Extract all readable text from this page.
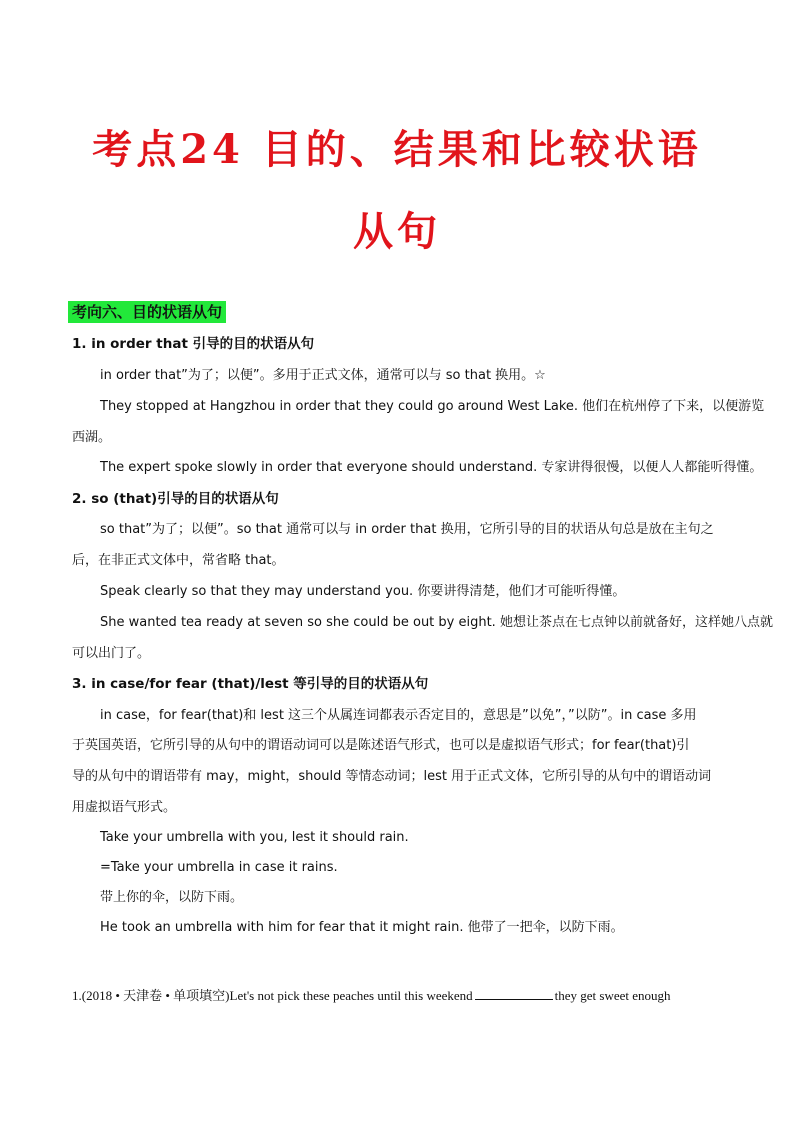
考点24 目的、结果和比较状语
从句
考向六、目的状语从句
1. in order that 引导的目的状语从句
in order that”为了；以便”。多用于正式文体，通常可以与 so that 换用。☆
They stopped at Hangzhou in order that they could go around West Lake. 他们在杭州停了下来，以便游览
西湖。
The expert spoke slowly in order that everyone should understand. 专家讲得很慢，以便人人都能听得懂。
2. so (that)引导的目的状语从句
so that”为了；以便”。so that 通常可以与 in order that 换用，它所引导的目的状语从句总是放在主句之
后，在非正式文体中，常省略 that。
Speak clearly so that they may understand you. 你要讲得清楚，他们才可能听得懂。
She wanted tea ready at seven so she could be out by eight. 她想让茶点在七点钟以前就备好，这样她八点就
可以出门了。
3. in case/for fear (that)/lest 等引导的目的状语从句
in case，for fear(that)和 lest 这三个从属连词都表示否定目的，意思是”以免”，”以防”。in case 多用
于英国英语，它所引导的从句中的谓语动词可以是陈述语气形式，也可以是虚拟语气形式；for fear(that)引
导的从句中的谓语带有 may，might，should 等情态动词；lest 用于正式文体，它所引导的从句中的谓语动词
用虚拟语气形式。
Take your umbrella with you, lest it should rain.
=Take your umbrella in case it rains.
带上你的伞，以防下雨。
He took an umbrella with him for fear that it might rain. 他带了一把伞，以防下雨。
1.(2018 • 天津卷 • 单项填空)Let's not pick these peaches until this weekend	they get sweet enough
